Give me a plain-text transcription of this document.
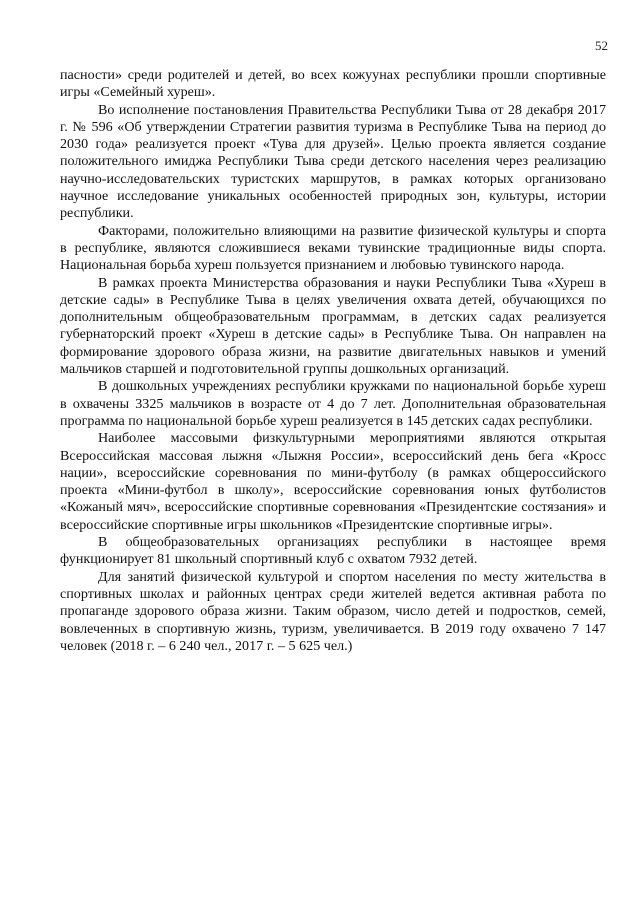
52

пасности» среди родителей и детей, во всех кожуунах республики прошли спортивные игры «Семейный хуреш».

Во исполнение постановления Правительства Республики Тыва от 28 декабря 2017 г. № 596 «Об утверждении Стратегии развития туризма в Республике Тыва на период до 2030 года» реализуется проект «Тува для друзей». Целью проекта является создание положительного имиджа Республики Тыва среди детского населения через реализацию научно-исследовательских туристских маршрутов, в рамках которых организовано научное исследование уникальных особенностей природных зон, культуры, истории республики.

Факторами, положительно влияющими на развитие физической культуры и спорта в республике, являются сложившиеся веками тувинские традиционные виды спорта. Национальная борьба хуреш пользуется признанием и любовью тувинского народа.

В рамках проекта Министерства образования и науки Республики Тыва «Хуреш в детские сады» в Республике Тыва в целях увеличения охвата детей, обучающихся по дополнительным общеобразовательным программам, в детских садах реализуется губернаторский проект «Хуреш в детские сады» в Республике Тыва. Он направлен на формирование здорового образа жизни, на развитие двигательных навыков и умений мальчиков старшей и подготовительной группы дошкольных организаций.

В дошкольных учреждениях республики кружками по национальной борьбе хуреш в охвачены 3325 мальчиков в возрасте от 4 до 7 лет. Дополнительная образовательная программа по национальной борьбе хуреш реализуется в 145 детских садах республики.

Наиболее массовыми физкультурными мероприятиями являются открытая Всероссийская массовая лыжня «Лыжня России», всероссийский день бега «Кросс нации», всероссийские соревнования по мини-футболу (в рамках общероссийского проекта «Мини-футбол в школу», всероссийские соревнования юных футболистов «Кожаный мяч», всероссийские спортивные соревнования «Президентские состязания» и всероссийские спортивные игры школьников «Президентские спортивные игры».

В общеобразовательных организациях республики в настоящее время функционирует 81 школьный спортивный клуб с охватом 7932 детей.

Для занятий физической культурой и спортом населения по месту жительства в спортивных школах и районных центрах среди жителей ведется активная работа по пропаганде здорового образа жизни. Таким образом, число детей и подростков, семей, вовлеченных в спортивную жизнь, туризм, увеличивается. В 2019 году охвачено 7 147 человек (2018 г. – 6 240 чел., 2017 г. – 5 625 чел.)
